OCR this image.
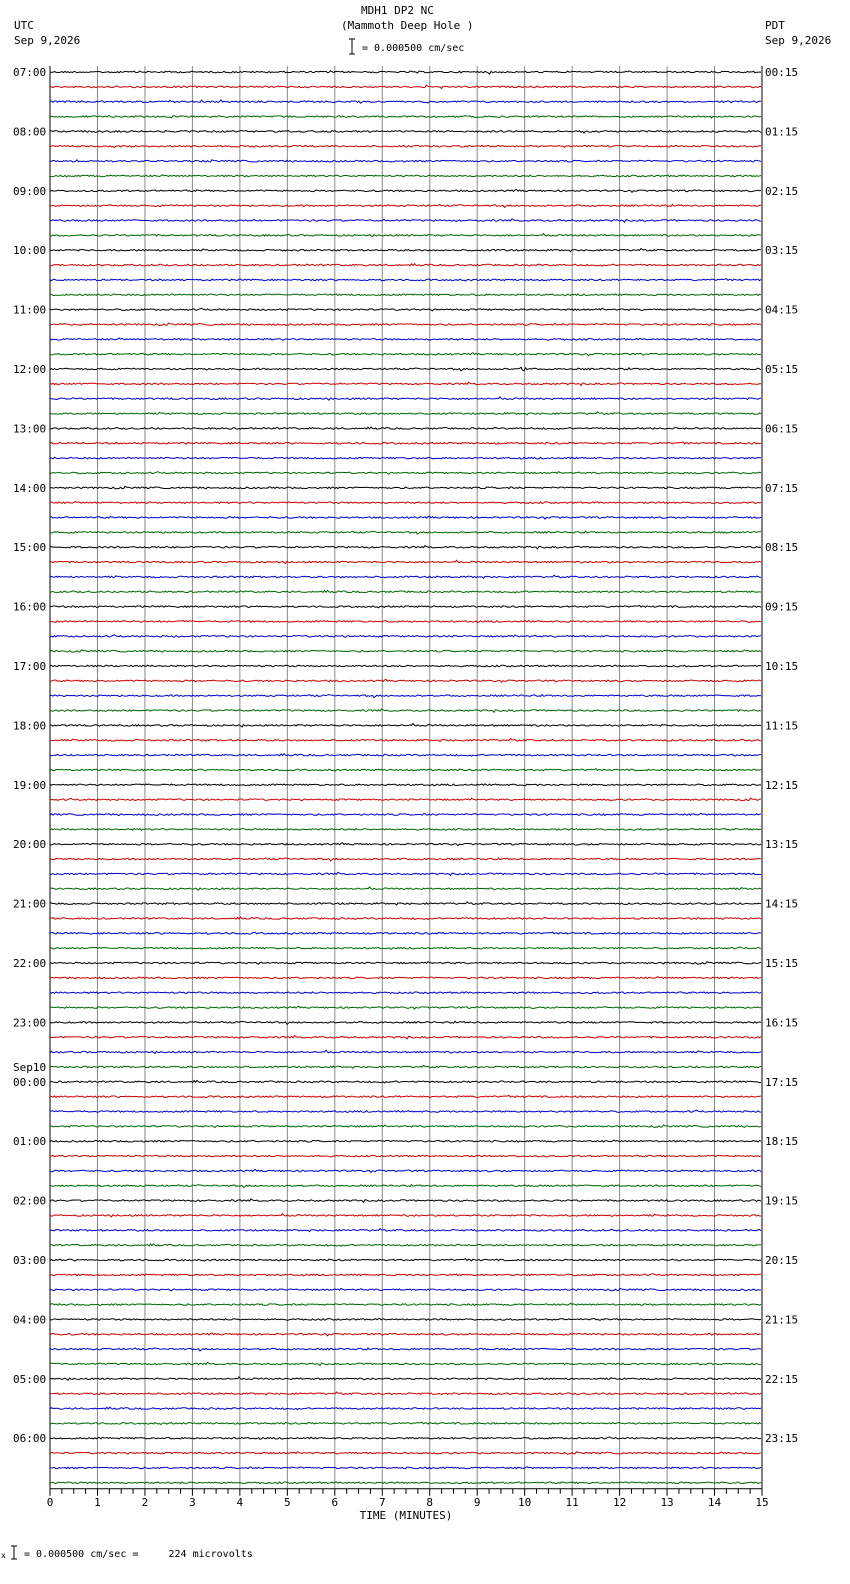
MDH1 DP2 NC
(Mammoth Deep Hole )
UTC
Sep 9,2026
PDT
Sep 9,2026
= 0.000500 cm/sec
0	1	2	3	4	5	6	7	8	9	10	11	12	13	14	15
TIME (MINUTES)
07:00
08:00
09:00
10:00
11:00
12:00
13:00
14:00
15:00
16:00
17:00
18:00
19:00
20:00
21:00
22:00
23:00
Sep10
00:00
01:00
02:00
03:00
04:00
05:00
06:00
00:15
01:15
02:15
03:15
04:15
05:15
06:15
07:15
08:15
09:15
10:15
11:15
12:15
13:15
14:15
15:15
16:15
17:15
18:15
19:15
20:15
21:15
22:15
23:15
x = 0.000500 cm/sec =     224 microvolts
